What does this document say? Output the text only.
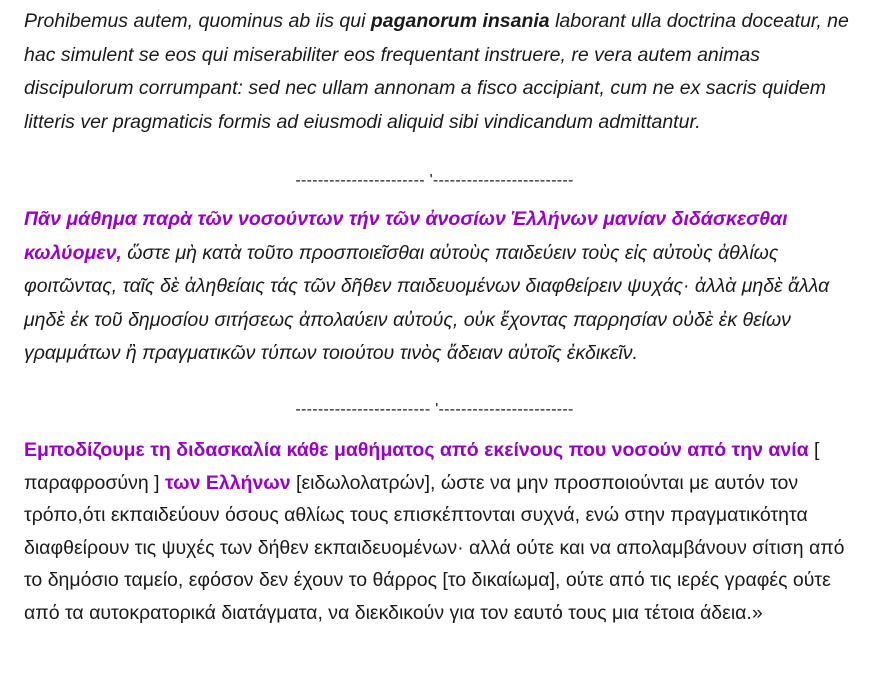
Prohibemus autem, quominus ab iis qui paganorum insania laborant ulla doctrina doceatur, ne hac simulent se eos qui miserabiliter eos frequentant instruere, re vera autem animas discipulorum corrumpant: sed nec ullam annonam a fisco accipiant, cum ne ex sacris quidem litteris ver pragmaticis formis ad eiusmodi aliquid sibi vindicandum admittantur.

----------------------- '-------------------------

Πᾶν μάθημα παρὰ τῶν νοσούντων τήν τῶν ἀνοσίων Ἑλλήνων μανίαν διδάσκεσθαι κωλύομεν, ὥστε μὴ κατὰ τοῦτο προσποιεῖσθαι αὐτοὺς παιδεύειν τοὺς εἰς αὐτοὺς ἀθλίως φοιτῶντας, ταῖς δὲ ἀληθείαις τάς τῶν δῆθεν παιδευομένων διαφθείρειν ψυχάς· ἀλλὰ μηδὲ ἄλλα μηδὲ ἐκ τοῦ δημοσίου σιτήσεως ἀπολαύειν αὐτούς, οὐκ ἔχοντας παρρησίαν οὐδὲ ἐκ θείων γραμμάτων ἢ πραγματικῶν τύπων τοιούτου τινὸς ἄδειαν αὐτοῖς ἐκδικεῖν.

------------------------ '------------------------

Εμποδίζουμε τη διδασκαλία κάθε μαθήματος από εκείνους που νοσούν από την ανία [ παραφροσύνη ] των Ελλήνων [ειδωλολατρών], ώστε να μην προσποιούνται με αυτόν τον τρόπο,ότι εκπαιδεύουν όσους αθλίως τους επισκέπτονται συχνά, ενώ στην πραγματικότητα διαφθείρουν τις ψυχές των δήθεν εκπαιδευομένων· αλλά ούτε και να απολαμβάνουν σίτιση από το δημόσιο ταμείο, εφόσον δεν έχουν το θάρρος [το δικαίωμα], ούτε από τις ιερές γραφές ούτε από τα αυτοκρατορικά διατάγματα, να διεκδικούν για τον εαυτό τους μια τέτοια άδεια.»
